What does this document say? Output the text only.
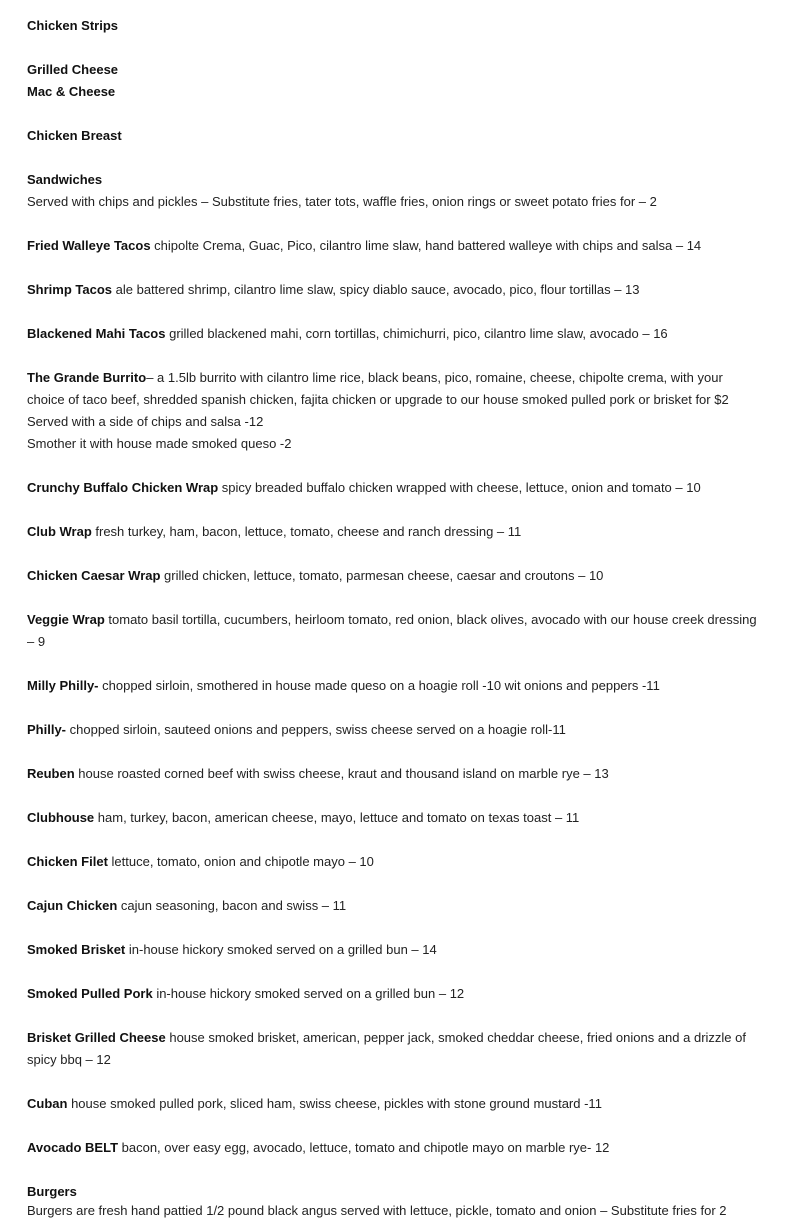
Chicken Strips
Grilled Cheese
Mac & Cheese
Chicken Breast
Sandwiches
Served with chips and pickles – Substitute fries, tater tots, waffle fries, onion rings or sweet potato fries for – 2
Fried Walleye Tacos chipolte Crema, Guac, Pico, cilantro lime slaw, hand battered walleye with chips and salsa – 14
Shrimp Tacos ale battered shrimp, cilantro lime slaw, spicy diablo sauce, avocado, pico, flour tortillas – 13
Blackened Mahi Tacos grilled blackened mahi, corn tortillas, chimichurri, pico, cilantro lime slaw, avocado – 16
The Grande Burrito– a 1.5lb burrito with cilantro lime rice, black beans, pico, romaine, cheese, chipolte crema, with your choice of taco beef, shredded spanish chicken, fajita chicken or upgrade to our house smoked pulled pork or brisket for $2
Served with a side of chips and salsa -12
Smother it with house made smoked queso -2
Crunchy Buffalo Chicken Wrap spicy breaded buffalo chicken wrapped with cheese, lettuce, onion and tomato – 10
Club Wrap fresh turkey, ham, bacon, lettuce, tomato, cheese and ranch dressing – 11
Chicken Caesar Wrap grilled chicken, lettuce, tomato, parmesan cheese, caesar and croutons – 10
Veggie Wrap tomato basil tortilla, cucumbers, heirloom tomato, red onion, black olives, avocado with our house creek dressing – 9
Milly Philly- chopped sirloin, smothered in house made queso on a hoagie roll -10 wit onions and peppers -11
Philly- chopped sirloin, sauteed onions and peppers, swiss cheese served on a hoagie roll-11
Reuben house roasted corned beef with swiss cheese, kraut and thousand island on marble rye – 13
Clubhouse ham, turkey, bacon, american cheese, mayo, lettuce and tomato on texas toast – 11
Chicken Filet lettuce, tomato, onion and chipotle mayo – 10
Cajun Chicken cajun seasoning, bacon and swiss – 11
Smoked Brisket in-house hickory smoked served on a grilled bun – 14
Smoked Pulled Pork in-house hickory smoked served on a grilled bun – 12
Brisket Grilled Cheese house smoked brisket, american, pepper jack, smoked cheddar cheese, fried onions and a drizzle of spicy bbq – 12
Cuban house smoked pulled pork, sliced ham, swiss cheese, pickles with stone ground mustard -11
Avocado BELT bacon, over easy egg, avocado, lettuce, tomato and chipotle mayo on marble rye- 12
Burgers
Burgers are fresh hand pattied 1/2 pound black angus served with lettuce, pickle, tomato and onion – Substitute fries for 2
